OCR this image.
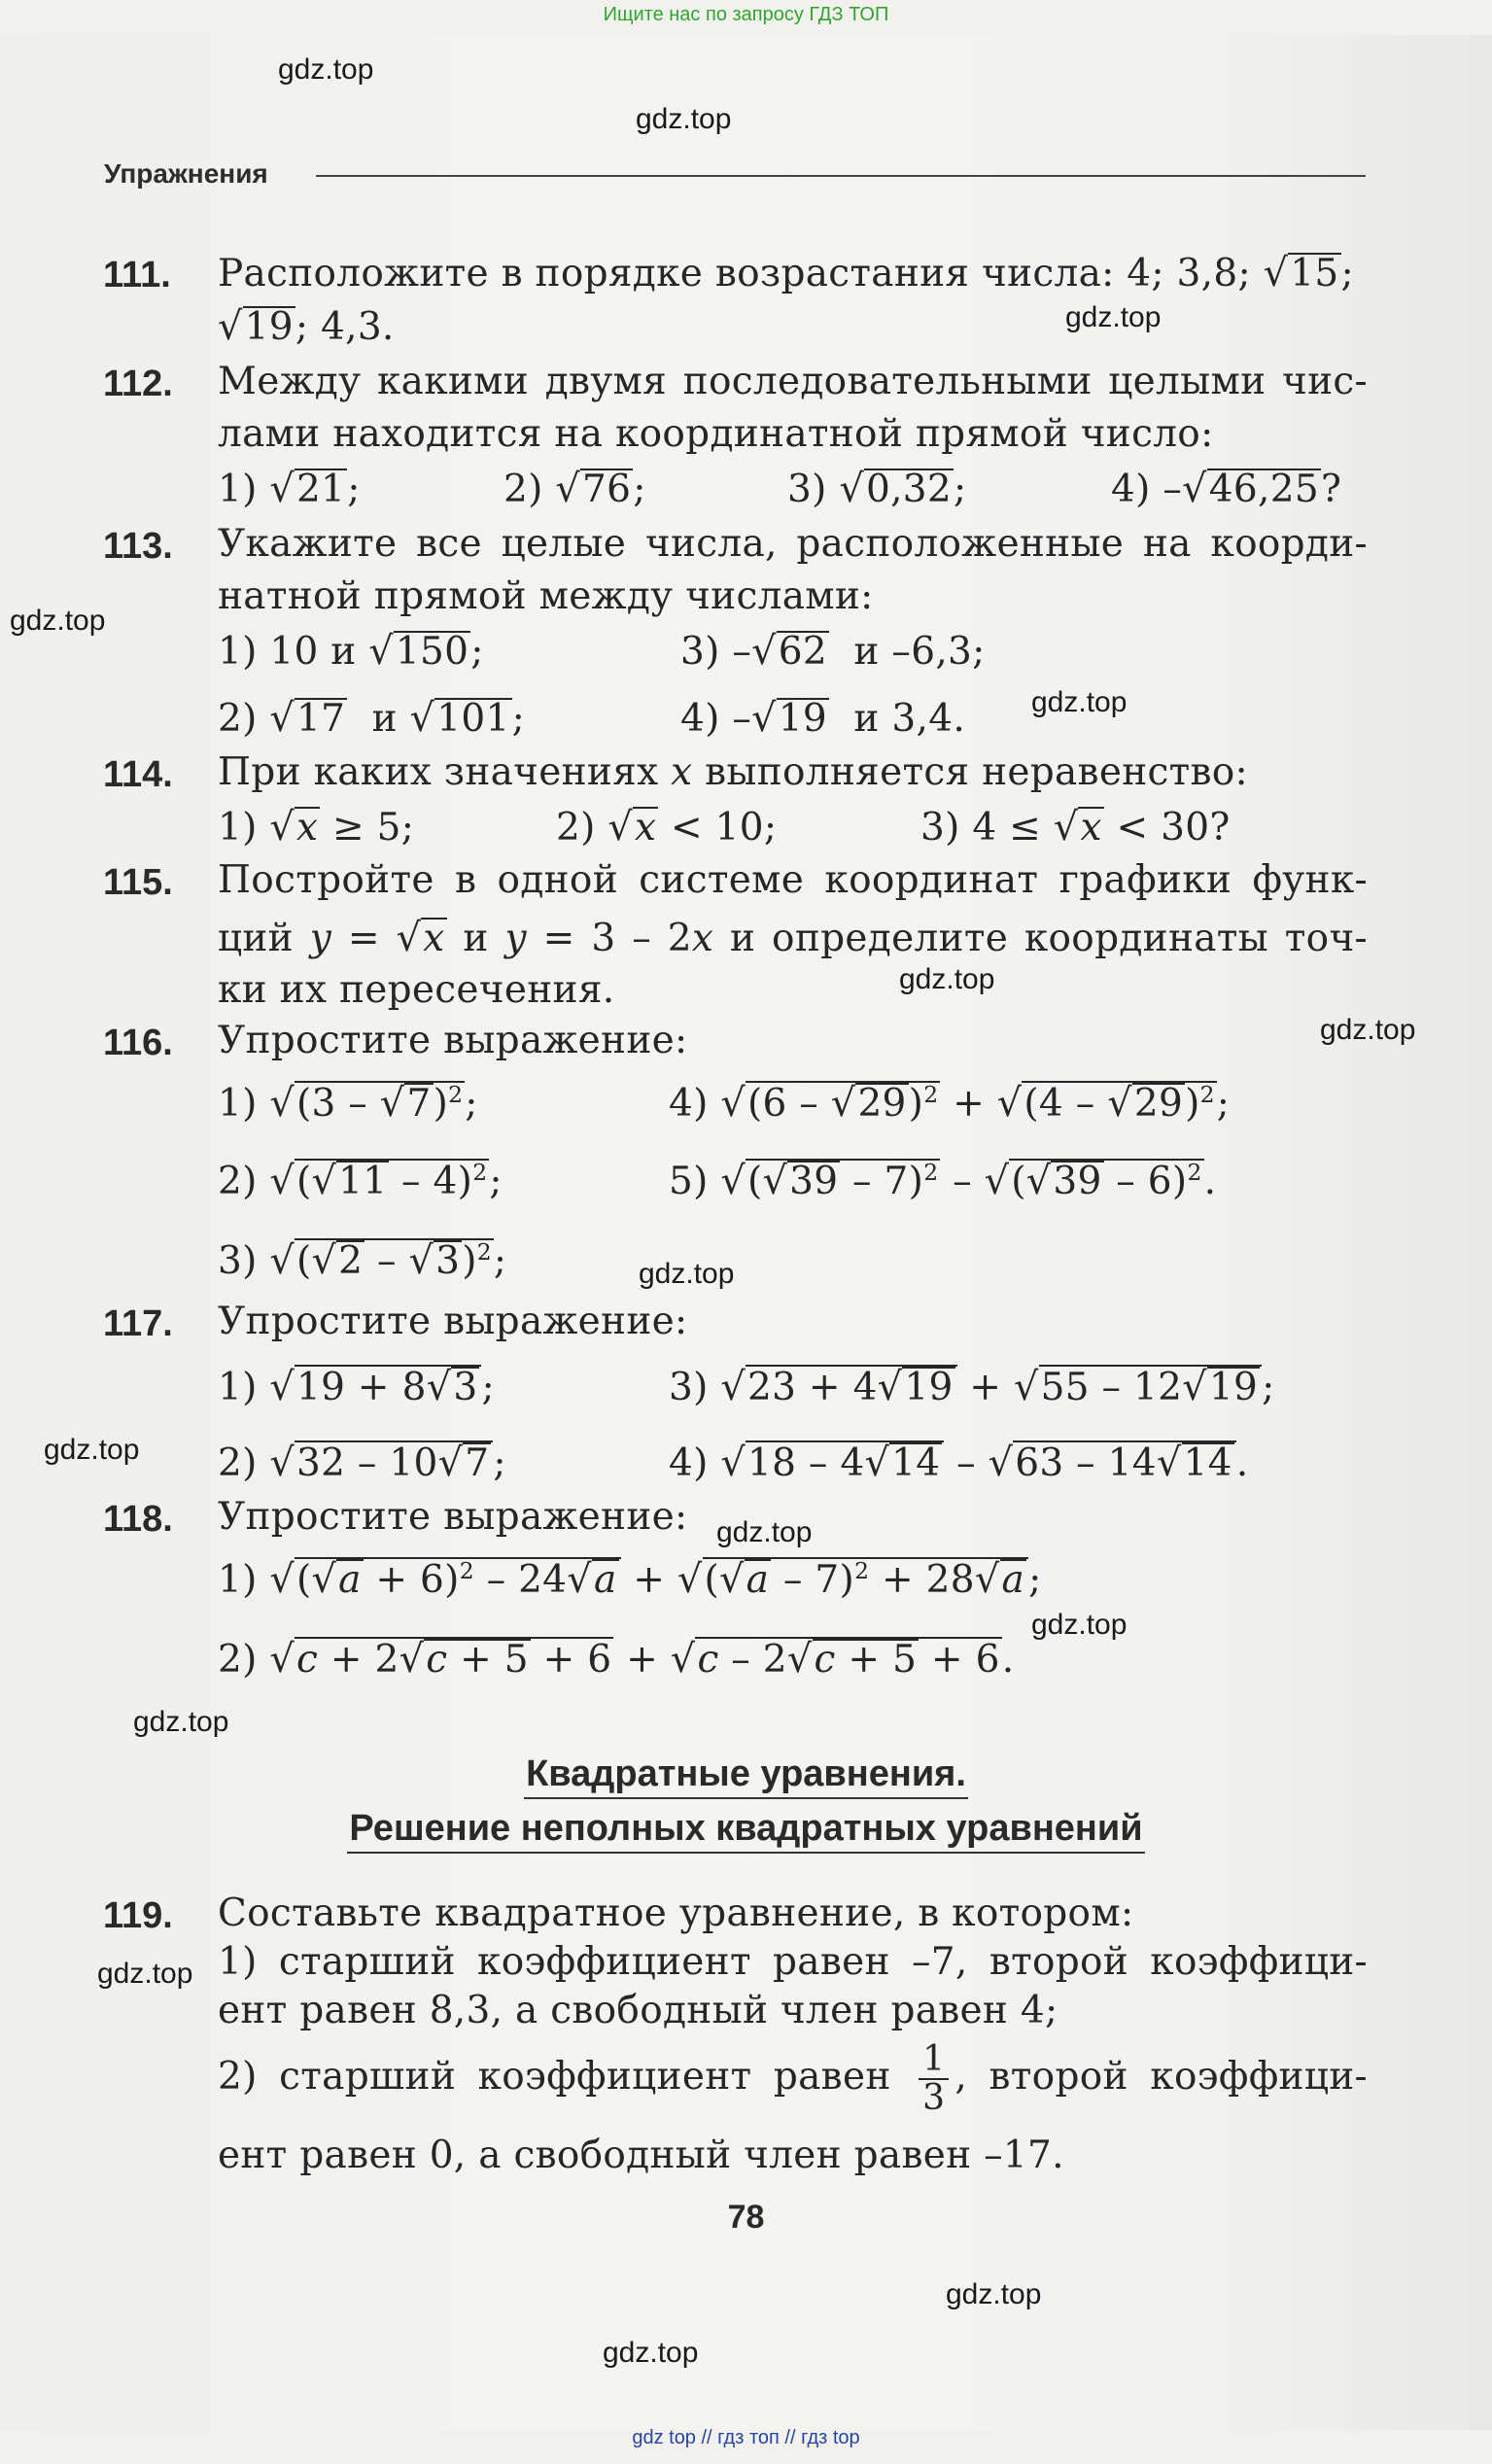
Ищите нас по запросу ГДЗ ТОП
gdz.top
gdz.top
gdz.top
gdz.top
gdz.top
gdz.top
gdz.top
gdz.top
gdz.top
gdz.top
gdz.top
gdz.top
gdz.top
gdz.top
gdz.top
Упражнения
111. Расположите в порядке возрастания числа: 4; 3,8; √15;
√19; 4,3.
112. Между какими двумя последовательными целыми чис-
лами находится на координатной прямой число:
1) √21;	2) √76;	3) √0,32;	4) –√46,25?
113. Укажите все целые числа, расположенные на коорди-
натной прямой между числами:
1) 10 и √150;	3) –√62 и –6,3;
2) √17  и √101;	4) –√19 и 3,4.
114. При каких значениях x выполняется неравенство:
1) √x ≥ 5;	2) √x < 10;	3) 4 ≤ √x < 30?
115. Постройте в одной системе координат графики функ-
ций y = √x и y = 3 – 2x и определите координаты точ-
ки их пересечения.
116. Упростите выражение:
1) √(3 – √7)$^2$;	4) √(6 – √29)$^2$ + √(4 – √29)$^2$;
2) √(√11 – 4)$^2$;	5) √(√39 – 7)$^2$ – √(√39 – 6)$^2$.
3) √(√2 – √3)$^2$;
117. Упростите выражение:
1) √19 + 8√3 ;	3) √23 + 4√19 + √55 – 12√19 ;
2) √32 – 10√7 ;	4) √18 – 4√14 – √63 – 14√14 .
118. Упростите выражение:
1) $√(√a + 6)^2 - 24√a + √(√a - 7)^2 + 28√a$ ;
2) √c + 2√c + 5 + 6 + √c – 2√c + 5 + 6.
Квадратные уравнения.
Решение неполных квадратных уравнений
119. Составьте квадратное уравнение, в котором:
1) старший коэффициент равен –7, второй коэффици-
ент равен 8,3, а свободный член равен 4;
2) старший коэффициент равен $\frac{1}{3}$ , второй коэффици-
ент равен 0, а свободный член равен –17.
78
gdz top // гдз топ // гдз top
